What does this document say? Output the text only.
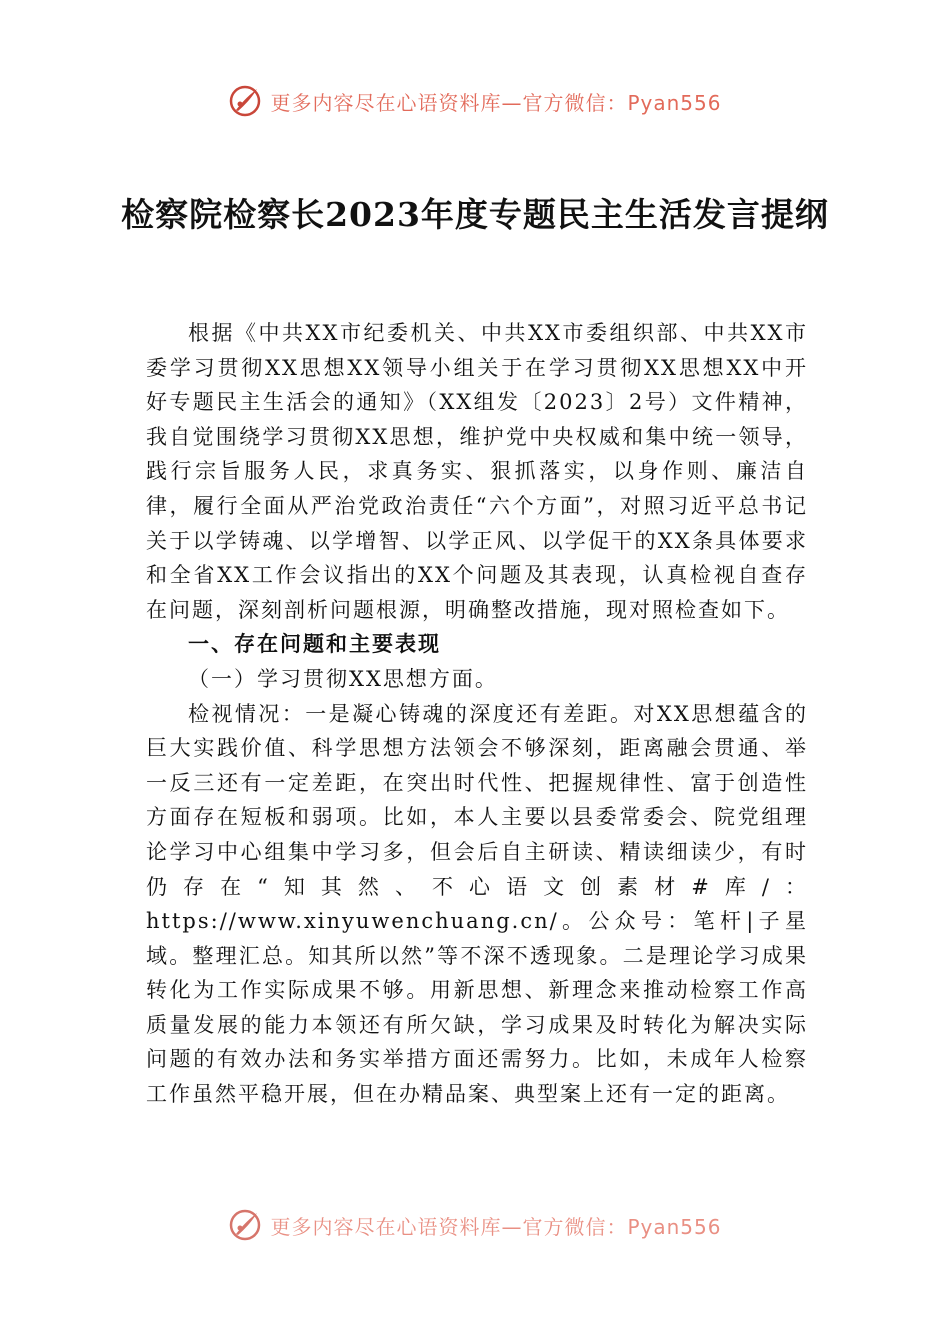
更多内容尽在心语资料库—官方微信：Pyan556
检察院检察长2023年度专题民主生活发言提纲

根据《中共XX市纪委机关、中共XX市委组织部、中共XX市委学习贯彻XX思想XX领导小组关于在学习贯彻XX思想XX中开好专题民主生活会的通知》（XX组发〔2023〕2号）文件精神，我自觉围绕学习贯彻XX思想，维护党中央权威和集中统一领导，践行宗旨服务人民，求真务实、狠抓落实，以身作则、廉洁自律，履行全面从严治党政治责任“六个方面”，对照习近平总书记关于以学铸魂、以学增智、以学正风、以学促干的XX条具体要求和全省XX工作会议指出的XX个问题及其表现，认真检视自查存在问题，深刻剖析问题根源，明确整改措施，现对照检查如下。

一、存在问题和主要表现
（一）学习贯彻XX思想方面。

检视情况：一是凝心铸魂的深度还有差距。对XX思想蕴含的巨大实践价值、科学思想方法领会不够深刻，距离融会贯通、举一反三还有一定差距，在突出时代性、把握规律性、富于创造性方面存在短板和弱项。比如，本人主要以县委常委会、院党组理论学习中心组集中学习多，但会后自主研读、精读细读少，有时仍存在“知其然、不心语文创素材#库/：https://www.xinyuwenchuang.cn/。公众号：笔杆|子星域。整理汇总。知其所以然”等不深不透现象。二是理论学习成果转化为工作实际成果不够。用新思想、新理念来推动检察工作高质量发展的能力本领还有所欠缺，学习成果及时转化为解决实际问题的有效办法和务实举措方面还需努力。比如，未成年人检察工作虽然平稳开展，但在办精品案、典型案上还有一定的距离。

更多内容尽在心语资料库—官方微信：Pyan556
